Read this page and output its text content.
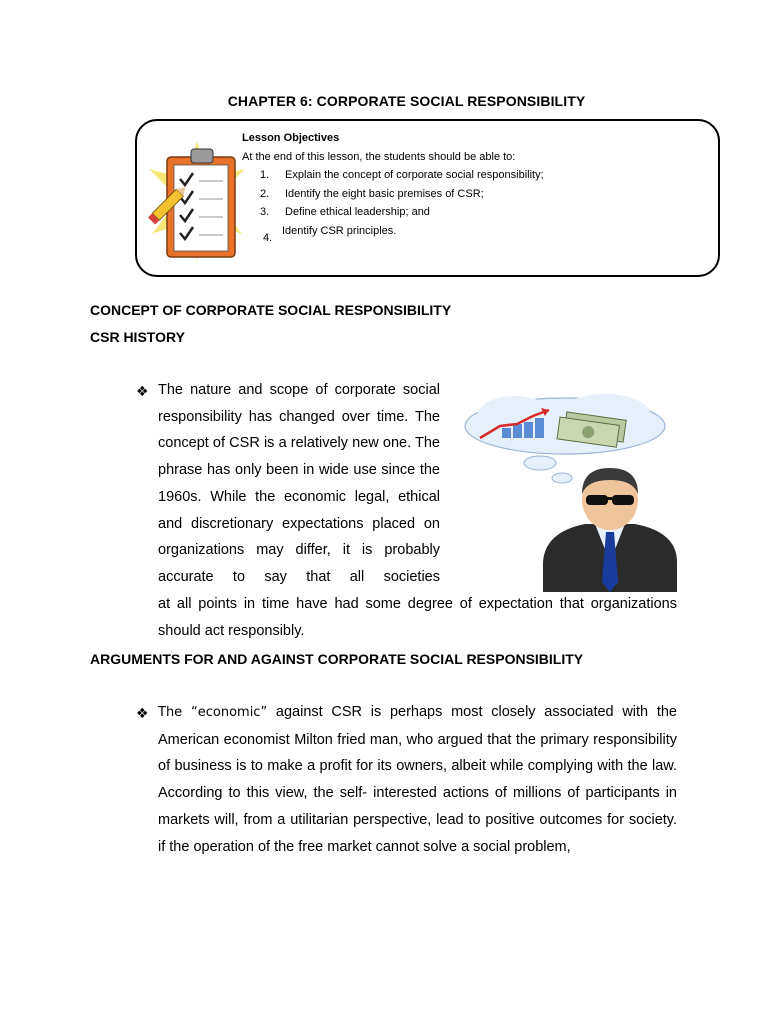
CHAPTER 6: CORPORATE SOCIAL RESPONSIBILITY
Lesson Objectives
At the end of this lesson, the students should be able to:
1. Explain the concept of corporate social responsibility;
2. Identify the eight basic premises of CSR;
3. Define ethical leadership; and
4.Identify CSR principles.
CONCEPT OF CORPORATE SOCIAL RESPONSIBILITY
CSR HISTORY
❖ The nature and scope of corporate social responsibility has changed over time. The concept of CSR is a relatively new one. The phrase has only been in wide use since the 1960s. While the economic legal, ethical and discretionary expectations placed on organizations may differ, it is probably accurate to say that all societies
at all points in time have had some degree of expectation that organizations should act responsibly.
ARGUMENTS FOR AND AGAINST CORPORATE SOCIAL RESPONSIBILITY
❖ The “economic” against CSR is perhaps most closely associated with the American economist Milton fried man, who argued that the primary responsibility of business is to make a profit for its owners, albeit while complying with the law. According to this view, the self- interested actions of millions of participants in markets will, from a utilitarian perspective, lead to positive outcomes for society. if the operation of the free market cannot solve a social problem,
